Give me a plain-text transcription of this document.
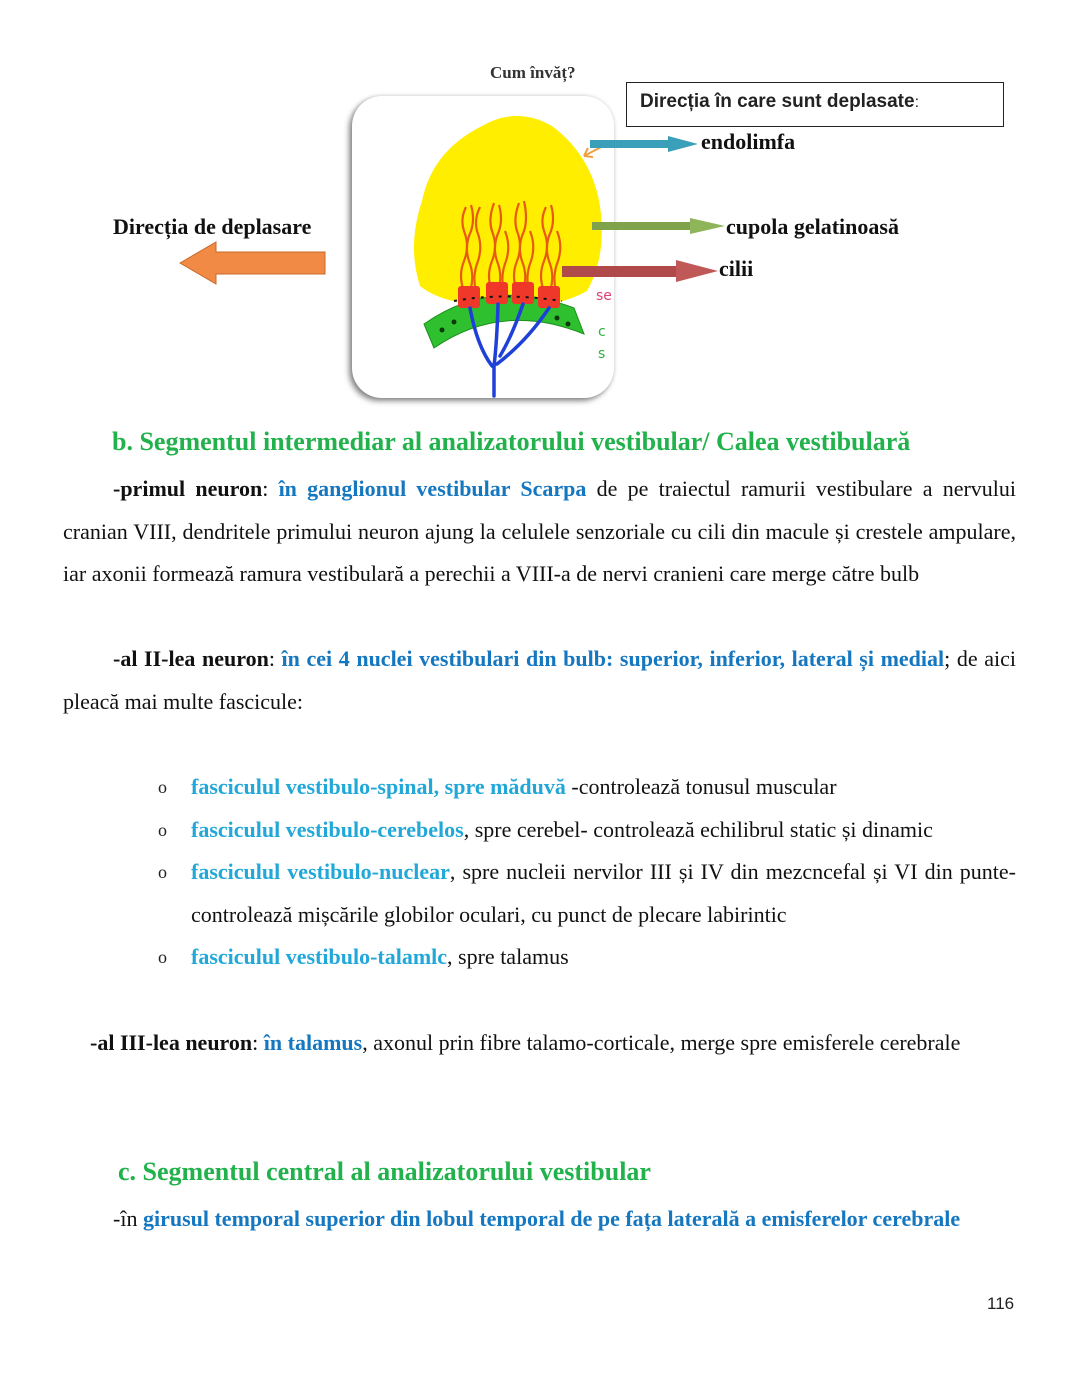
Cum învăț?
Direcția în care sunt deplasate:
se
c
s
endolimfa
cupola gelatinoasă
cilii
Direcția de deplasare
b. Segmentul intermediar al analizatorului vestibular/ Calea vestibulară
-primul neuron: în ganglionul vestibular Scarpa de pe traiectul ramurii vestibulare a nervului cranian VIII, dendritele primului neuron ajung la celulele senzoriale cu cili din macule și crestele ampulare, iar axonii formează ramura vestibulară a perechii a VIII-a de nervi cranieni care merge către bulb
-al II-lea neuron: în cei 4 nuclei vestibulari din bulb: superior, inferior, lateral și medial; de aici pleacă mai multe fascicule:
o fasciculul vestibulo-spinal, spre măduvă -controlează tonusul muscular
o fasciculul vestibulo-cerebelos, spre cerebel- controlează echilibrul static și dinamic
o fasciculul vestibulo-nuclear, spre nucleii nervilor III și IV din mezcncefal și VI din punte- controlează mișcările globilor oculari, cu punct de plecare labirintic
o fasciculul vestibulo-talamlc, spre talamus
-al III-lea neuron: în talamus, axonul prin fibre talamo-corticale, merge spre emisferele cerebrale
c. Segmentul central al analizatorului vestibular
-în girusul temporal superior din lobul temporal de pe fața laterală a emisferelor cerebrale
116
